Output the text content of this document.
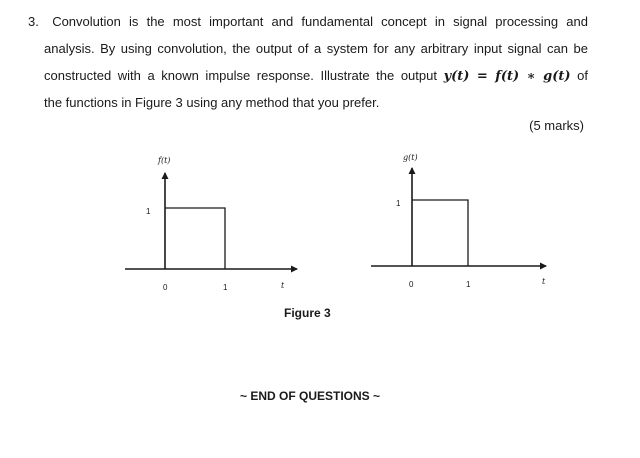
3. Convolution is the most important and fundamental concept in signal processing and
analysis. By using convolution, the output of a system for any arbitrary input signal can be
constructed with a known impulse response. Illustrate the output y(t) = f(t) ∗ g(t) of
the functions in Figure 3 using any method that you prefer.
(5 marks)
f(t)
1
0	1	t
g(t)
1
0	1	t
Figure 3
~ END OF QUESTIONS ~
